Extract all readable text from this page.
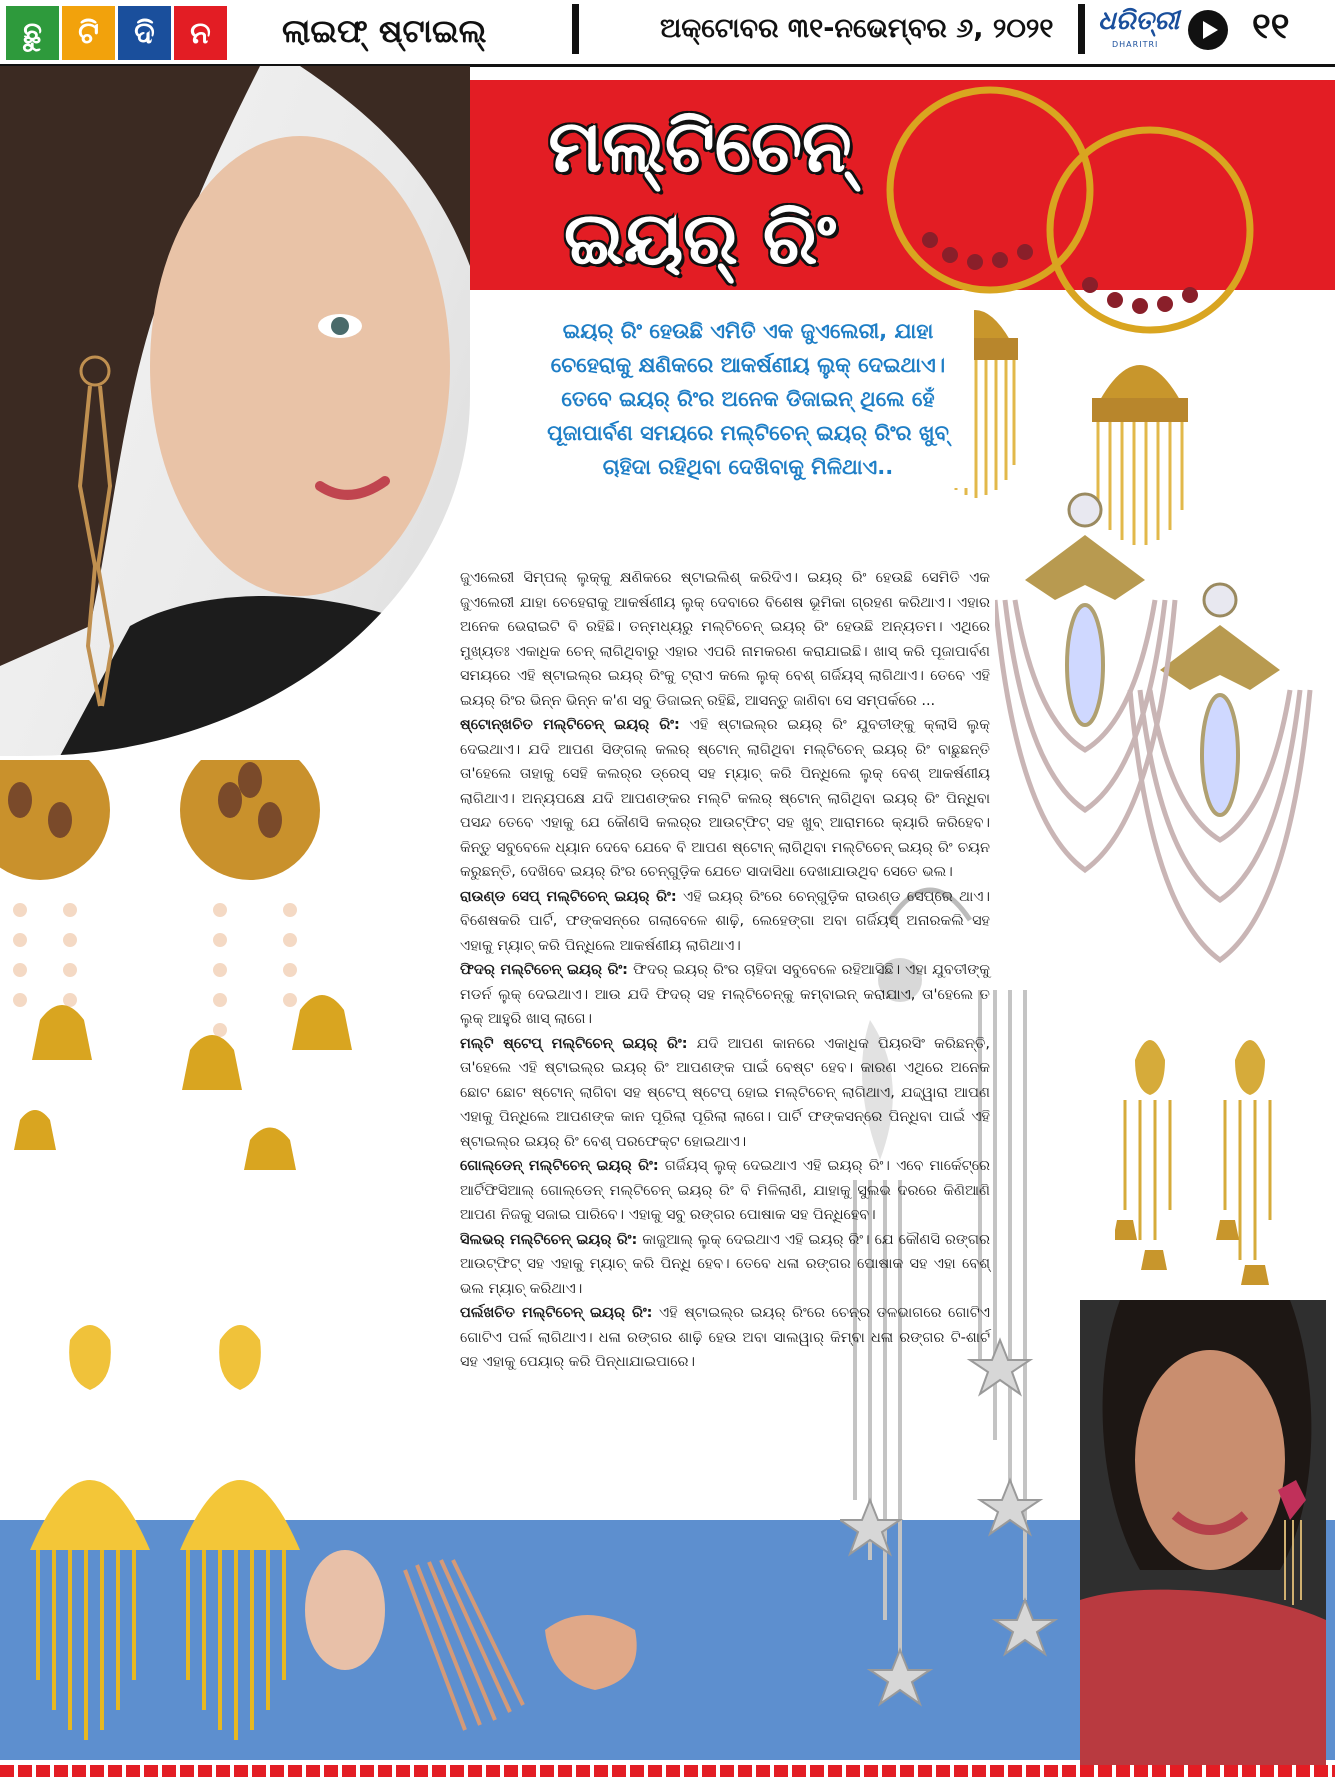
ଛୁ	ଟି	ଦି	ନ	ଲାଇଫ୍‌ ଷ୍ଟାଇଲ୍‌	ଅକ୍ଟୋବର ୩୧-ନଭେମ୍ବର ୬, ୨୦୨୧ ଧରିତ୍ରୀ
DHARITRI	୧୧
ମଲ୍ଟିଚେନ୍‌
ଇୟର୍‌ ରିଂ
ଇୟର୍‌ ରିଂ ହେଉଛି ଏମିତି ଏକ ଜୁଏଲେରୀ, ଯାହା ଚେହେରାକୁ କ୍ଷଣିକରେ ଆକର୍ଷଣୀୟ ଲୁକ୍‌ ଦେଇଥାଏ। ତେବେ ଇୟର୍‌ ରିଂର ଅନେକ ଡିଜାଇନ୍‌ ଥିଲେ ହେଁ ପୂଜାପାର୍ବଣ ସମୟରେ ମଲ୍ଟିଚେନ୍‌ ଇୟର୍‌ ରିଂର ଖୁବ୍‌ ଚାହିଦା ରହିଥିବା ଦେଖିବାକୁ ମିଳିଥାଏ..

ଜୁଏଲେରୀ ସିମ୍ପଲ୍‌ ଲୁକ୍‌କୁ କ୍ଷଣିକରେ ଷ୍ଟାଇଲିଶ୍‌ କରିଦିଏ। ଇୟର୍‌ ରିଂ ହେଉଛି ସେମିତି ଏକ ଜୁଏଲେରୀ ଯାହା ଚେହେରାକୁ ଆକର୍ଷଣୀୟ ଲୁକ୍‌ ଦେବାରେ ବିଶେଷ ଭୂମିକା ଗ୍ରହଣ କରିଥାଏ। ଏହାର ଅନେକ ଭେରାଇଟି ବି ରହିଛି। ତନ୍ମଧ୍ୟରୁ ମଲ୍ଟିଚେନ୍‌ ଇୟର୍‌ ରିଂ ହେଉଛି ଅନ୍ୟତମ। ଏଥିରେ ମୁଖ୍ୟତଃ ଏକାଧିକ ଚେନ୍‌ ଲାଗିଥିବାରୁ ଏହାର ଏପରି ନାମକରଣ କରାଯାଇଛି। ଖାସ୍‌ କରି ପୂଜାପାର୍ବଣ ସମୟରେ ଏହି ଷ୍ଟାଇଲ୍‌ର ଇୟର୍‌ ରିଂକୁ ଟ୍ରାଏ କଲେ ଲୁକ୍‌ ବେଶ୍‌ ଗର୍ଜିୟସ୍‌ ଲାଗିଥାଏ। ତେବେ ଏହି ଇୟର୍‌ ରିଂର ଭିନ୍ନ ଭିନ୍ନ କ'ଣ ସବୁ ଡିଜାଇନ୍‌ ରହିଛି, ଆସନ୍ତୁ ଜାଣିବା ସେ ସମ୍ପର୍କରେ ...

ଷ୍ଟୋନ୍‌ଖଚିତ ମଲ୍ଟିଚେନ୍‌ ଇୟର୍‌ ରିଂ: ଏହି ଷ୍ଟାଇଲ୍‌ର ଇୟର୍‌ ରିଂ ଯୁବତୀଙ୍କୁ କ୍ଲାସି ଲୁକ୍‌ ଦେଇଥାଏ। ଯଦି ଆପଣ ସିଙ୍ଗଲ୍‌ କଲର୍‌ ଷ୍ଟୋନ୍‌ ଲାଗିଥିବା ମଲ୍ଟିଚେନ୍‌ ଇୟର୍‌ ରିଂ ବାଛୁଛନ୍ତି ତା'ହେଲେ ତାହାକୁ ସେହି କଲର୍‌ର ଡ୍ରେସ୍‌ ସହ ମ୍ୟାଚ୍‌ କରି ପିନ୍ଧିଲେ ଲୁକ୍‌ ବେଶ୍‌ ଆକର୍ଷଣୀୟ ଲାଗିଥାଏ। ଅନ୍ୟପକ୍ଷେ ଯଦି ଆପଣଙ୍କର ମଲ୍ଟି କଲର୍‌ ଷ୍ଟୋନ୍‌ ଲାଗିଥିବା ଇୟର୍‌ ରିଂ ପିନ୍ଧିବା ପସନ୍ଦ ତେବେ ଏହାକୁ ଯେ କୌଣସି କଲର୍‌ର ଆଉଟ୍‌ଫିଟ୍‌ ସହ ଖୁବ୍‌ ଆରାମରେ କ୍ୟାରି କରିହେବ। କିନ୍ତୁ ସବୁବେଳେ ଧ୍ୟାନ ଦେବେ ଯେବେ ବି ଆପଣ ଷ୍ଟୋନ୍‌ ଲାଗିଥିବା ମଲ୍ଟିଚେନ୍‌ ଇୟର୍‌ ରିଂ ଚୟନ କରୁଛନ୍ତି, ଦେଖିବେ ଇୟର୍‌ ରିଂର ଚେନ୍‌ଗୁଡ଼ିକ ଯେତେ ସାଦାସିଧା ଦେଖାଯାଉଥିବ ସେତେ ଭଲ।

ରାଉଣ୍ଡ ସେପ୍‌ ମଲ୍ଟିଚେନ୍‌ ଇୟର୍‌ ରିଂ: ଏହି ଇୟର୍‌ ରିଂରେ ଚେନ୍‌ଗୁଡ଼ିକ ରାଉଣ୍ଡ ସେପ୍‌ରେ ଥାଏ। ବିଶେଷକରି ପାର୍ଟି, ଫଙ୍କସନ୍‌ରେ ଗଲାବେଳେ ଶାଢ଼ି, ଲେହେଙ୍ଗା ଅବା ଗର୍ଜିୟସ୍‌ ଅନାରକଲି ସହ ଏହାକୁ ମ୍ୟାଚ୍‌ କରି ପିନ୍ଧିଲେ ଆକର୍ଷଣୀୟ ଲାଗିଥାଏ।

ଫିଦର୍‌ ମଲ୍ଟିଚେନ୍‌ ଇୟର୍‌ ରିଂ: ଫିଦର୍‌ ଇୟର୍‌ ରିଂର ଚାହିଦା ସବୁବେଳେ ରହିଆସିଛି। ଏହା ଯୁବତୀଙ୍କୁ ମଡର୍ନ ଲୁକ୍‌ ଦେଇଥାଏ। ଆଉ ଯଦି ଫିଦର୍‌ ସହ ମଲ୍ଟିଚେନ୍‌କୁ କମ୍ବାଇନ୍‌ କରାଯାଏ, ତା'ହେଲେ ତ ଲୁକ୍‌ ଆହୁରି ଖାସ୍‌ ଲାଗେ।

ମଲ୍ଟି ଷ୍ଟେପ୍‌ ମଲ୍ଟିଚେନ୍‌ ଇୟର୍‌ ରିଂ: ଯଦି ଆପଣ କାନରେ ଏକାଧିକ ପିୟରସିଂ କରିଛନ୍ତି, ତା'ହେଲେ ଏହି ଷ୍ଟାଇଲ୍‌ର ଇୟର୍‌ ରିଂ ଆପଣଙ୍କ ପାଇଁ ବେଷ୍ଟ ହେବ। କାରଣ ଏଥିରେ ଅନେକ ଛୋଟ ଛୋଟ ଷ୍ଟୋନ୍‌ ଲାଗିବା ସହ ଷ୍ଟେପ୍‌ ଷ୍ଟେପ୍‌ ହୋଇ ମଲ୍ଟିଚେନ୍‌ ଲାଗିଥାଏ, ଯଦ୍ଦ୍ୱାରା ଆପଣ ଏହାକୁ ପିନ୍ଧିଲେ ଆପଣଙ୍କ କାନ ପୂରିଲା ପୂରିଲା ଲାଗେ। ପାର୍ଟି ଫଙ୍କସନ୍‌ରେ ପିନ୍ଧିବା ପାଇଁ ଏହି ଷ୍ଟାଇଲ୍‌ର ଇୟର୍‌ ରିଂ ବେଶ୍‌ ପରଫେକ୍ଟ ହୋଇଥାଏ।

ଗୋଲ୍ଡେନ୍‌ ମଲ୍ଟିଚେନ୍‌ ଇୟର୍‌ ରିଂ: ଗର୍ଜିୟସ୍‌ ଲୁକ୍‌ ଦେଇଥାଏ ଏହି ଇୟର୍‌ ରିଂ। ଏବେ ମାର୍କେଟ୍‌ରେ ଆର୍ଟିଫିସିଆଲ୍‌ ଗୋଲ୍ଡେନ୍‌ ମଲ୍ଟିଚେନ୍‌ ଇୟର୍‌ ରିଂ ବି ମିଳିଲାଣି, ଯାହାକୁ ସୁଲଭ ଦରରେ କିଣିଆଣି ଆପଣ ନିଜକୁ ସଜାଇ ପାରିବେ। ଏହାକୁ ସବୁ ରଙ୍ଗର ପୋଷାକ ସହ ପିନ୍ଧିହେବ।

ସିଲଭର୍‌ ମଲ୍ଟିଚେନ୍‌ ଇୟର୍‌ ରିଂ: କାଜୁଆଲ୍‌ ଲୁକ୍‌ ଦେଇଥାଏ ଏହି ଇୟର୍‌ ରିଂ। ଯେ କୌଣସି ରଙ୍ଗର ଆଉଟ୍‌ଫିଟ୍‌ ସହ ଏହାକୁ ମ୍ୟାଚ୍‌ କରି ପିନ୍ଧି ହେବ। ତେବେ ଧଳା ରଙ୍ଗର ପୋଷାକ ସହ ଏହା ବେଶ୍‌ ଭଲ ମ୍ୟାଚ୍‌ କରିଥାଏ।

ପର୍ଲଖଚିତ ମଲ୍ଟିଚେନ୍‌ ଇୟର୍‌ ରିଂ: ଏହି ଷ୍ଟାଇଲ୍‌ର ଇୟର୍‌ ରିଂରେ ଚେନ୍‌ର ତଳଭାଗରେ ଗୋଟିଏ ଗୋଟିଏ ପର୍ଲ ଲାଗିଥାଏ। ଧଳା ରଙ୍ଗର ଶାଢ଼ି ହେଉ ଅବା ସାଲୱାର୍‌ କିମ୍ବା ଧଳା ରଙ୍ଗର ଟି-ଶାର୍ଟ ସହ ଏହାକୁ ପେୟାର୍‌ କରି ପିନ୍ଧାଯାଇପାରେ।
